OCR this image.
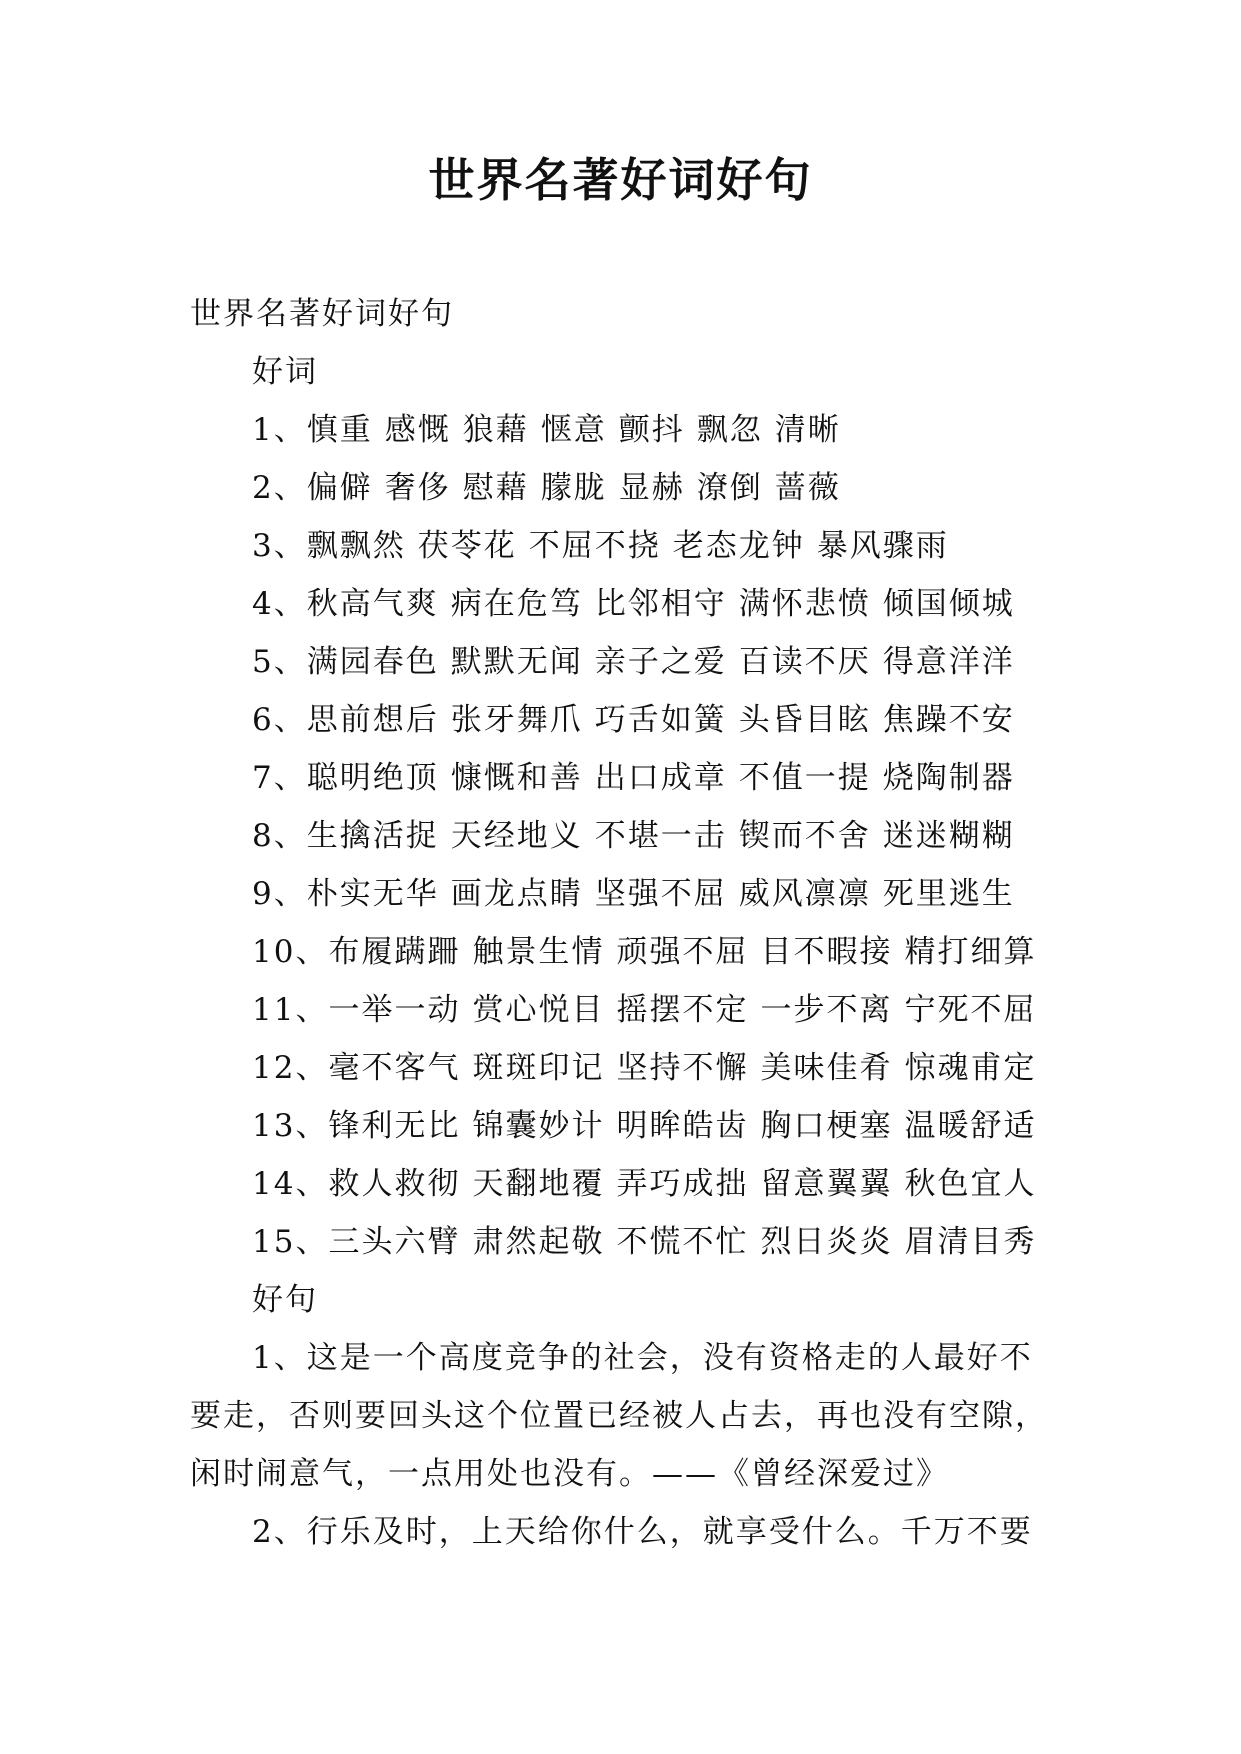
世界名著好词好句

世界名著好词好句

好词

1、慎重 感慨 狼藉 惬意 颤抖 飘忽 清晰

2、偏僻 奢侈 慰藉 朦胧 显赫 潦倒 蔷薇

3、飘飘然 茯苓花 不屈不挠 老态龙钟 暴风骤雨

4、秋高气爽 病在危笃 比邻相守 满怀悲愤 倾国倾城

5、满园春色 默默无闻 亲子之爱 百读不厌 得意洋洋

6、思前想后 张牙舞爪 巧舌如簧 头昏目眩 焦躁不安

7、聪明绝顶 慷慨和善 出口成章 不值一提 烧陶制器

8、生擒活捉 天经地义 不堪一击 锲而不舍 迷迷糊糊

9、朴实无华 画龙点睛 坚强不屈 威风凛凛 死里逃生

10、布履蹒跚 触景生情 顽强不屈 目不暇接 精打细算

11、一举一动 赏心悦目 摇摆不定 一步不离 宁死不屈

12、毫不客气 斑斑印记 坚持不懈 美味佳肴 惊魂甫定

13、锋利无比 锦囊妙计 明眸皓齿 胸口梗塞 温暖舒适

14、救人救彻 天翻地覆 弄巧成拙 留意翼翼 秋色宜人

15、三头六臂 肃然起敬 不慌不忙 烈日炎炎 眉清目秀

好句

1、这是一个高度竞争的社会，没有资格走的人最好不要走，否则要回头这个位置已经被人占去，再也没有空隙，闲时闹意气，一点用处也没有。——《曾经深爱过》

2、行乐及时，上天给你什么，就享受什么。千万不要
